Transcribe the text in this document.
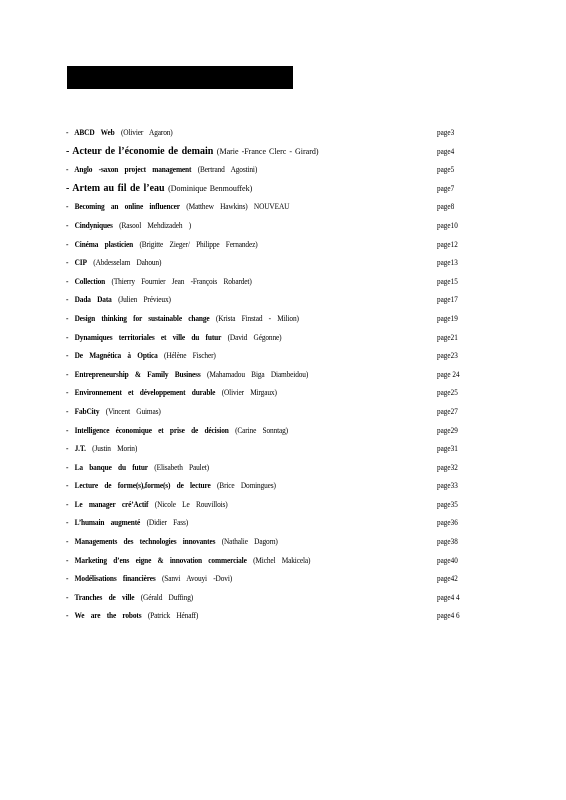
- ABCD Web (Olivier Agaron)	page3
- Acteur de l’économie de demain (Marie -France Clerc - Girard)	page4
- Anglo -saxon project management (Bertrand Agostini)	page5
- Artem au fil de l’eau (Dominique Benmouffek)	page7
- Becoming an online influencer (Matthew Hawkins) NOUVEAU	page8
- Cindyniques (Rasool Mehdizadeh )	page10
- Cinéma plasticien (Brigitte Zieger/ Philippe Fernandez)	page12
- CIP (Abdesselam Dahoun)	page13
- Collection (Thierry Fournier Jean -François Robardet)	page15
- Dada Data (Julien Prévieux)	page17
- Design thinking for sustainable change (Krista Finstad - Milion)	page19
- Dynamiques territoriales et ville du futur (David Gégonne)	page21
- De Magnética à Optica (Hélène Fischer)	page23
- Entrepreneurship & Family Business (Mahamadou Biga Diambeidou)	page 24
- Environnement et développement durable (Olivier Mirgaux)	page25
- FabCity (Vincent Guimas)	page27
- Intelligence économique et prise de décision (Carine Sonntag)	page29
- J.T. (Justin Morin)	page31
- La banque du futur (Elisabeth Paulet)	page32
- Lecture de forme(s),forme(s) de lecture (Brice Domingues)	page33
- Le manager cré’Actif (Nicole Le Rouvillois)	page35
- L’humain augmenté (Didier Fass)	page36
- Managements des technologies innovantes (Nathalie Dagorn)	page38
- Marketing d’ens eigne & innovation commerciale (Michel Makicela)	page40
- Modélisations financières (Sanvi Avouyi -Dovi)	page42
- Tranches de ville (Gérald Duffing)	page4 4
- We are the robots (Patrick Hénaff)	page4 6
